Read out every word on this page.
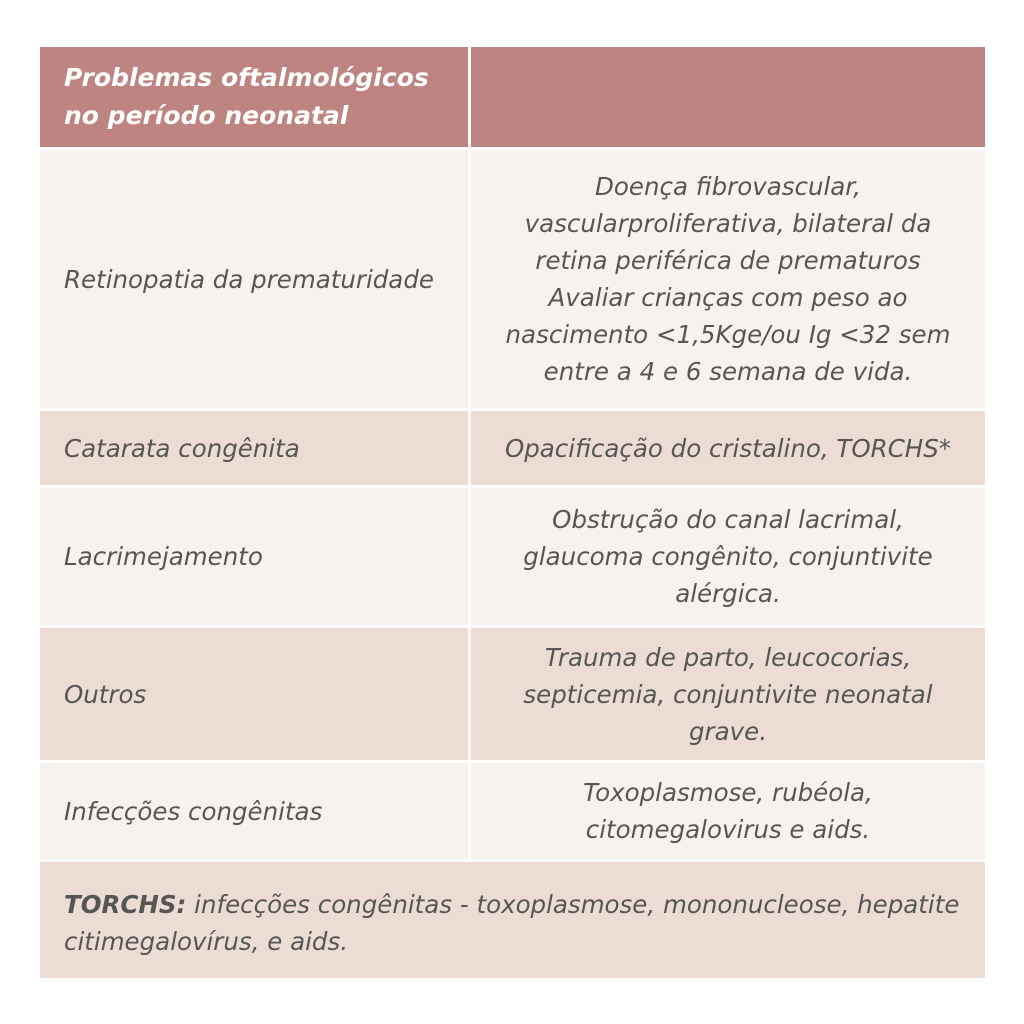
Problemas oftalmológicos
no período neonatal
Retinopatia da prematuridade
Doença fibrovascular,
vascularproliferativa, bilateral da
retina periférica de prematuros
Avaliar crianças com peso ao
nascimento <1,5Kge/ou Ig <32 sem
entre a 4 e 6 semana de vida.
Catarata congênita	Opacificação do cristalino, TORCHS*
Lacrimejamento
Obstrução do canal lacrimal,
glaucoma congênito, conjuntivite
alérgica.
Outros
Trauma de parto, leucocorias,
septicemia, conjuntivite neonatal
grave.
Infecções congênitas
Toxoplasmose, rubéola,
citomegalovirus e aids.
TORCHS: infecções congênitas - toxoplasmose, mononucleose, hepatite citimegalovírus, e aids.
